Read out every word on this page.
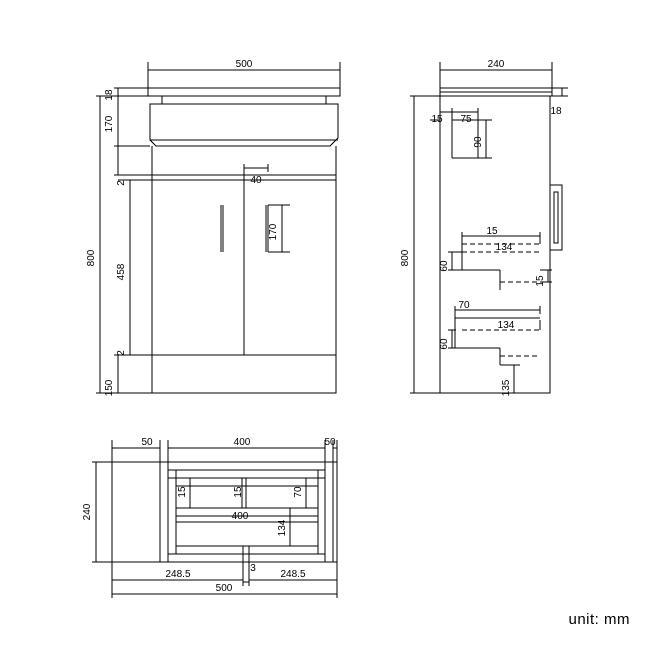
500
18
170
2
458
2
150
800
40
170
240
800
18
15 75
90
15
134
60
15
70
134
60
135
50	400	50
240
15	15	70
400
134
3
248.5	248.5
500
unit: mm
